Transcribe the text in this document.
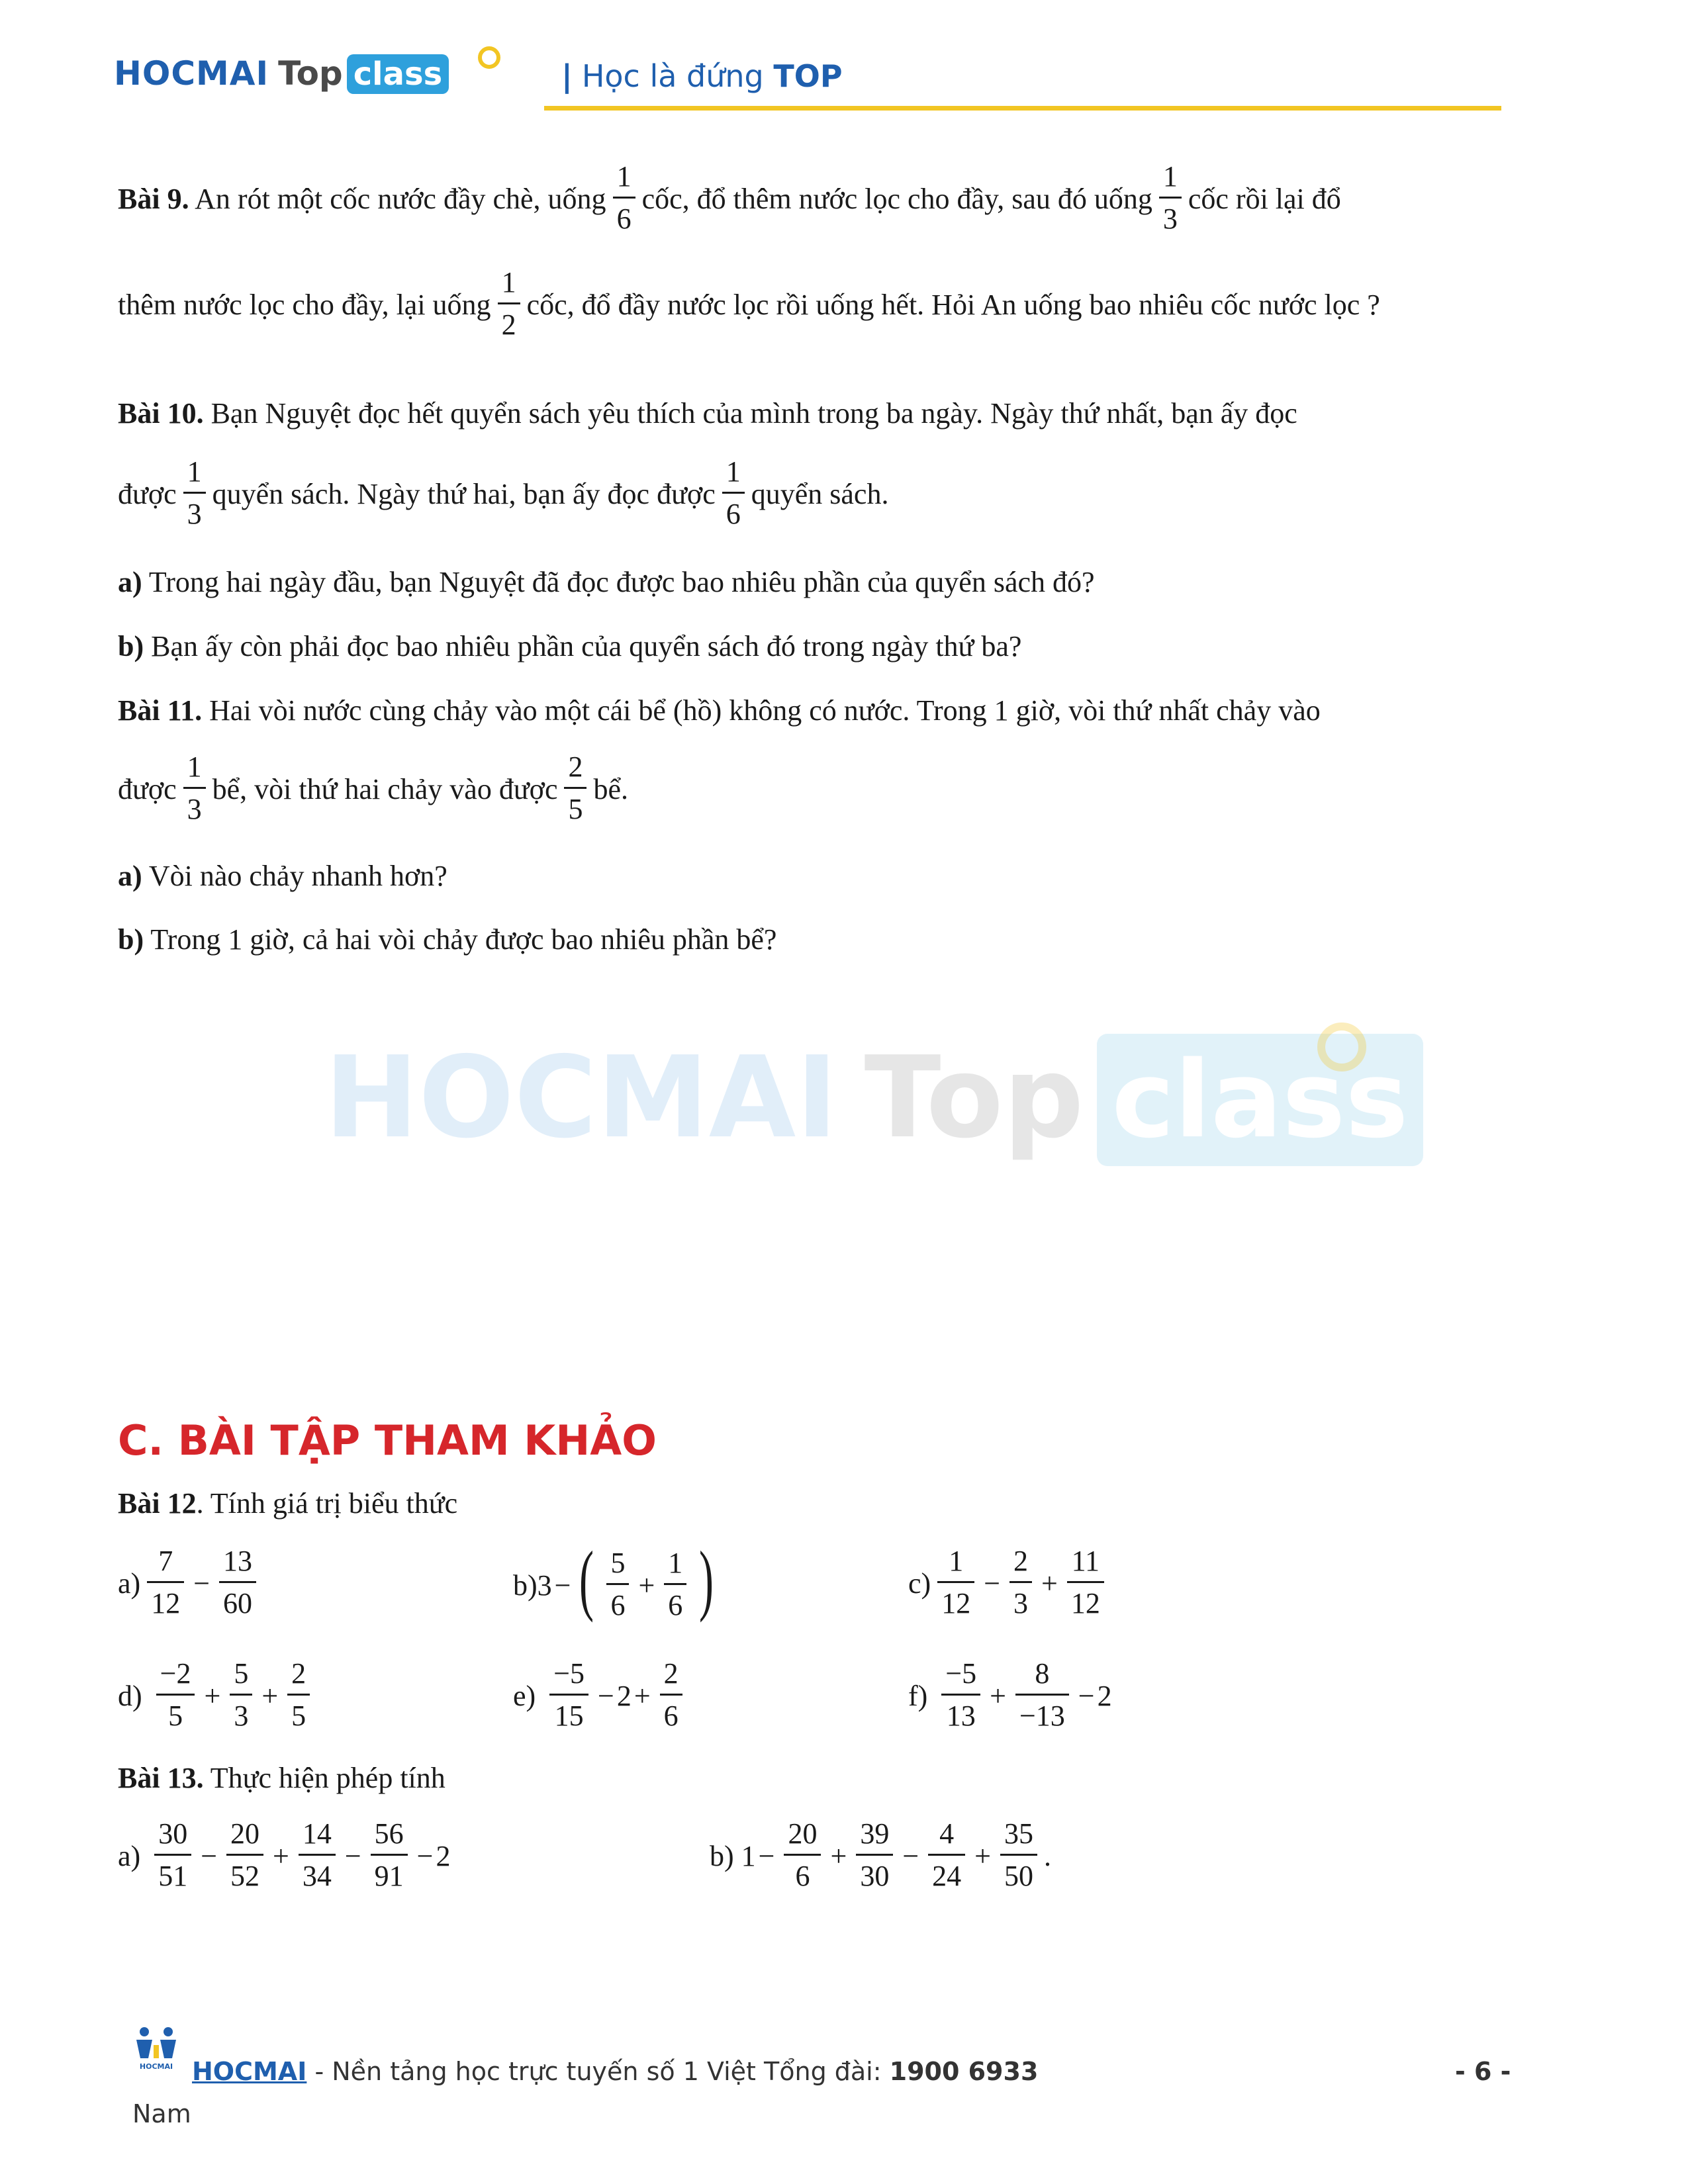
HOCMAI Top class	| Học là đứng TOP
Bài 9. An rót một cốc nước đầy chè, uống $\frac{1}{6}$ cốc, đổ thêm nước lọc cho đầy, sau đó uống $\frac{1}{3}$ cốc rồi lại đổ
thêm nước lọc cho đầy, lại uống $\frac{1}{2}$ cốc, đổ đầy nước lọc rồi uống hết. Hỏi An uống bao nhiêu cốc nước lọc ?
Bài 10. Bạn Nguyệt đọc hết quyển sách yêu thích của mình trong ba ngày. Ngày thứ nhất, bạn ấy đọc
được $\frac{1}{3}$ quyển sách. Ngày thứ hai, bạn ấy đọc được $\frac{1}{6}$ quyển sách.
a) Trong hai ngày đầu, bạn Nguyệt đã đọc được bao nhiêu phần của quyển sách đó?
b) Bạn ấy còn phải đọc bao nhiêu phần của quyển sách đó trong ngày thứ ba?
Bài 11. Hai vòi nước cùng chảy vào một cái bể (hồ) không có nước. Trong 1 giờ, vòi thứ nhất chảy vào
được $\frac{1}{3}$ bể, vòi thứ hai chảy vào được $\frac{2}{5}$ bể.
a) Vòi nào chảy nhanh hơn?
b) Trong 1 giờ, cả hai vòi chảy được bao nhiêu phần bể?
HOCMAI Top class
C. BÀI TẬP THAM KHẢO
Bài 12. Tính giá trị biểu thức
$a) \frac{7}{12} - \frac{13}{60}$	b)3− ( $\frac{5}{6} + \frac{1}{6}$ )	$c) \frac{1}{12} - \frac{2}{3} + \frac{11}{12}$
$d) \frac{-2}{5} + \frac{5}{3} + \frac{2}{5}$	$e) \frac{-5}{15} -2+ \frac{2}{6}$	$f) \frac{-5}{13} + \frac{8}{-13} -2$
Bài 13. Thực hiện phép tính
$a) \frac{30}{51} - \frac{20}{52} + \frac{14}{34} - \frac{56}{91} -2$	b) $1- \frac{20}{6} + \frac{39}{30} - \frac{4}{24} + \frac{35}{50}$ .
HOCMAI HOCMAI - Nền tảng học trực tuyến số 1 Việt Tổng đài: 1900 6933	- 6 -
Nam
